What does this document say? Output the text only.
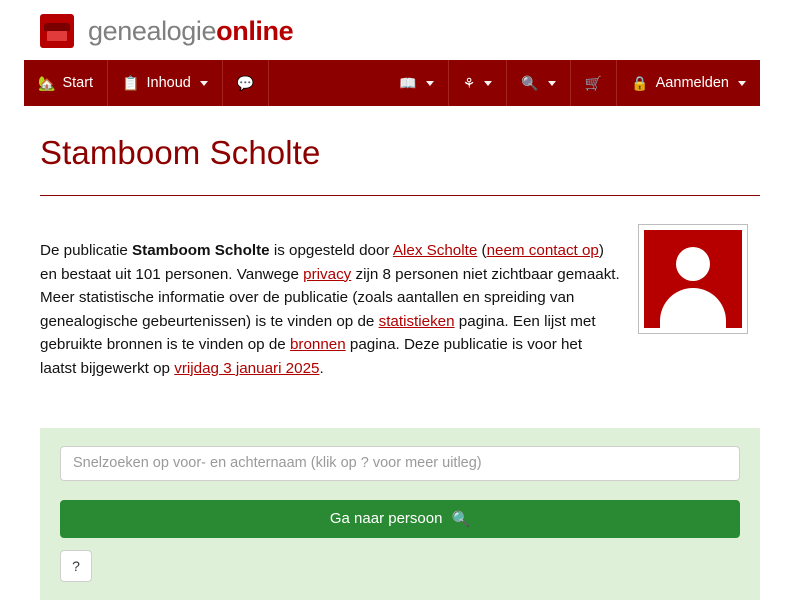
genealogieonline
🏡 Start 📋 Inhoud	💬	📖	⚘	🔍	🛒 🔒 Aanmelden
Stamboom Scholte

De publicatie Stamboom Scholte is opgesteld door Alex Scholte (neem contact op) en bestaat uit 101 personen. Vanwege privacy zijn 8 personen niet zichtbaar gemaakt. Meer statistische informatie over de publicatie (zoals aantallen en spreiding van genealogische gebeurtenissen) is te vinden op de statistieken pagina. Een lijst met gebruikte bronnen is te vinden op de bronnen pagina. Deze publicatie is voor het laatst bijgewerkt op vrijdag 3 januari 2025.

Snelzoeken op voor- en achternaam (klik op ? voor meer uitleg)
Ga naar persoon 🔍
?
